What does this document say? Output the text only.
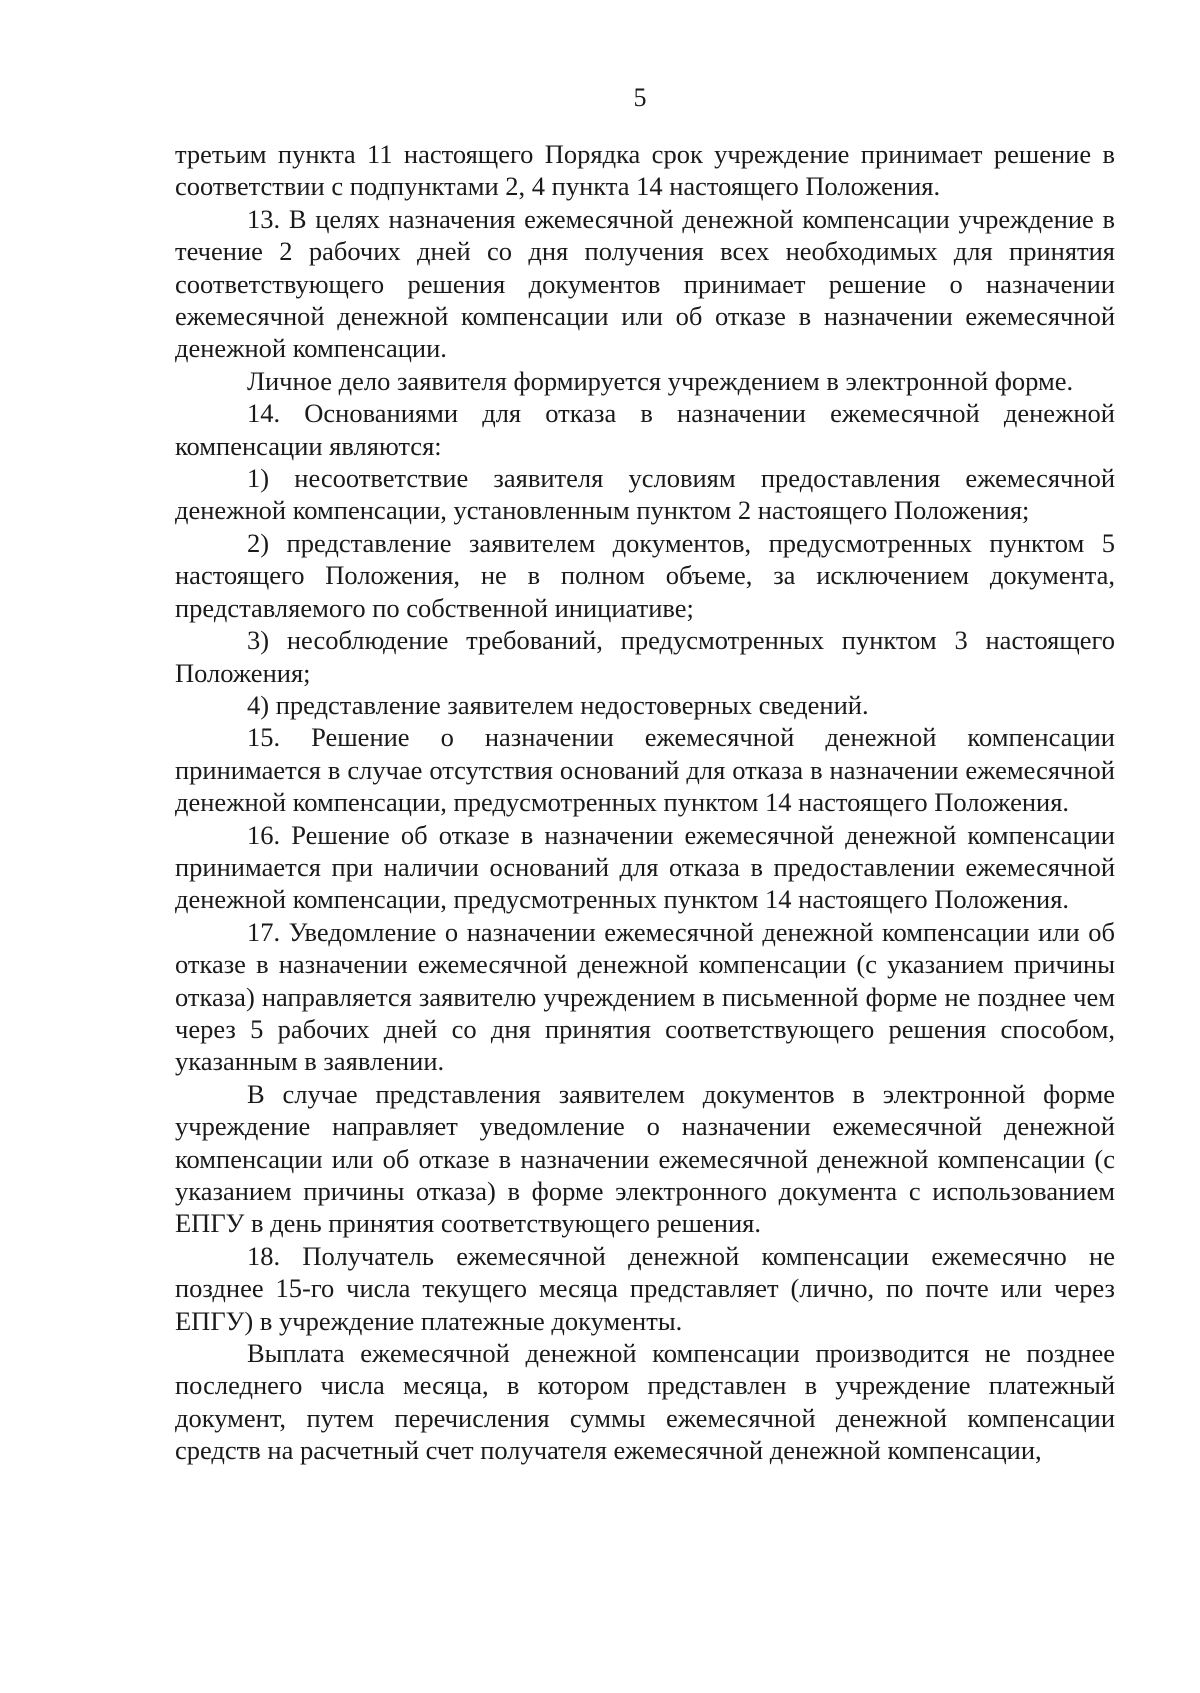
5

третьим пункта 11 настоящего Порядка срок учреждение принимает решение в соответствии с подпунктами 2, 4 пункта 14 настоящего Положения.

13. В целях назначения ежемесячной денежной компенсации учреждение в течение 2 рабочих дней со дня получения всех необходимых для принятия соответствующего решения документов принимает решение о назначении ежемесячной денежной компенсации или об отказе в назначении ежемесячной денежной компенсации.

Личное дело заявителя формируется учреждением в электронной форме.

14. Основаниями для отказа в назначении ежемесячной денежной компенсации являются:

1) несоответствие заявителя условиям предоставления ежемесячной денежной компенсации, установленным пунктом 2 настоящего Положения;

2) представление заявителем документов, предусмотренных пунктом 5 настоящего Положения, не в полном объеме, за исключением документа, представляемого по собственной инициативе;

3) несоблюдение требований, предусмотренных пунктом 3 настоящего Положения;

4) представление заявителем недостоверных сведений.

15. Решение о назначении ежемесячной денежной компенсации принимается в случае отсутствия оснований для отказа в назначении ежемесячной денежной компенсации, предусмотренных пунктом 14 настоящего Положения.

16. Решение об отказе в назначении ежемесячной денежной компенсации принимается при наличии оснований для отказа в предоставлении ежемесячной денежной компенсации, предусмотренных пунктом 14 настоящего Положения.

17. Уведомление о назначении ежемесячной денежной компенсации или об отказе в назначении ежемесячной денежной компенсации (с указанием причины отказа) направляется заявителю учреждением в письменной форме не позднее чем через 5 рабочих дней со дня принятия соответствующего решения способом, указанным в заявлении.

В случае представления заявителем документов в электронной форме учреждение направляет уведомление о назначении ежемесячной денежной компенсации или об отказе в назначении ежемесячной денежной компенсации (с указанием причины отказа) в форме электронного документа с использованием ЕПГУ в день принятия соответствующего решения.

18. Получатель ежемесячной денежной компенсации ежемесячно не позднее 15-го числа текущего месяца представляет (лично, по почте или через ЕПГУ) в учреждение платежные документы.

Выплата ежемесячной денежной компенсации производится не позднее последнего числа месяца, в котором представлен в учреждение платежный документ, путем перечисления суммы ежемесячной денежной компенсации средств на расчетный счет получателя ежемесячной денежной компенсации,
